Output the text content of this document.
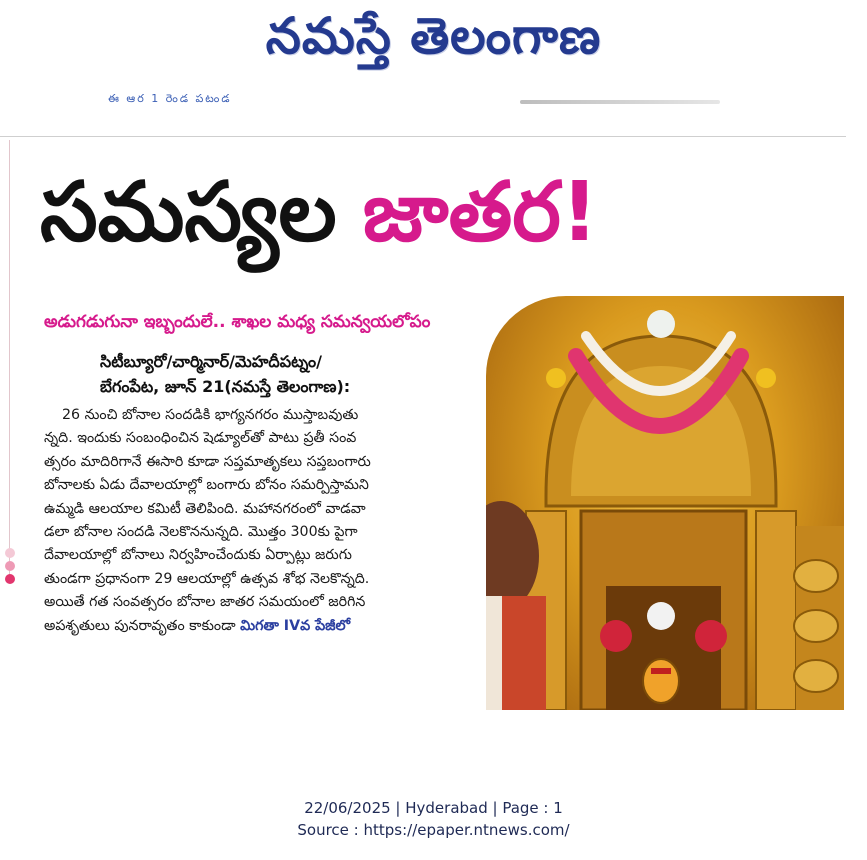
నమస్తే తెలంగాణ
ఈ ఆర 1 రెండ పటండ
సమస్యల జాతర!
అడుగడుగునా ఇబ్బందులే.. శాఖల మధ్య సమన్వయలోపం
సిటీబ్యూరో/చార్మినార్/మెహదీపట్నం/
బేగంపేట, జూన్ 21(నమస్తే తెలంగాణ):
26 నుంచి బోనాల సందడికి భాగ్యనగరం ముస్తాబవుతు
న్నది. ఇందుకు సంబంధించిన షెడ్యూల్‌తో పాటు ప్రతీ సంవ
త్సరం మాదిరిగానే ఈసారి కూడా సప్తమాతృకలు సప్తబంగారు
బోనాలకు ఏడు దేవాలయాల్లో బంగారు బోనం సమర్పిస్తామని
ఉమ్మడి ఆలయాల కమిటీ తెలిపింది. మహానగరంలో వాడవా
డలా బోనాల సందడి నెలకొననున్నది. మొత్తం 300కు పైగా
దేవాలయాల్లో బోనాలు నిర్వహించేందుకు ఏర్పాట్లు జరుగు
తుండగా ప్రధానంగా 29 ఆలయాల్లో ఉత్సవ శోభ నెలకొన్నది.
అయితే గత సంవత్సరం బోనాల జాతర సమయంలో జరిగిన
అపశృతులు పునరావృతం కాకుండా మిగతా IVవ పేజీలో
22/06/2025 | Hyderabad | Page : 1
Source : https://epaper.ntnews.com/
